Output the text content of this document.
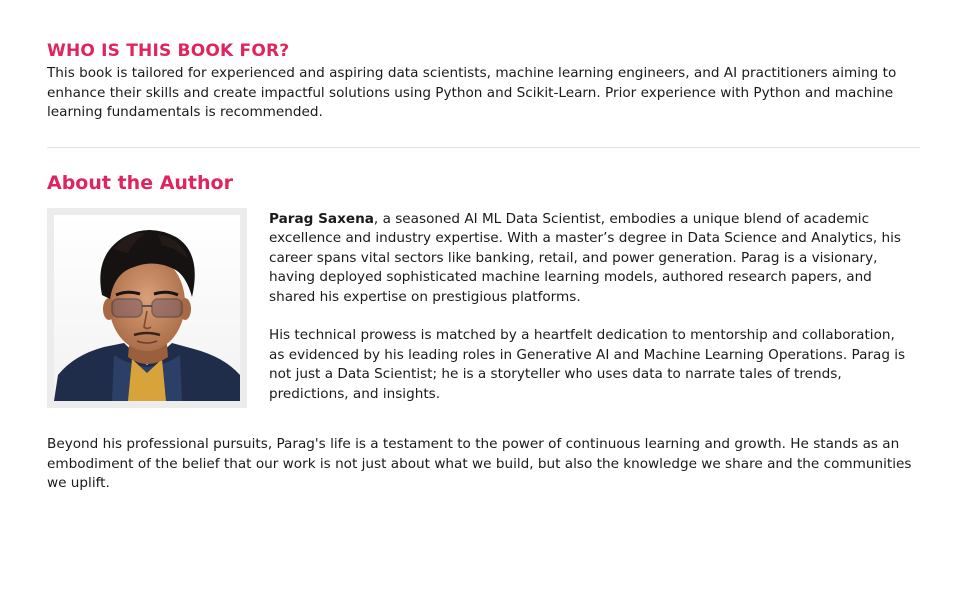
WHO IS THIS BOOK FOR?

This book is tailored for experienced and aspiring data scientists, machine learning engineers, and AI practitioners aiming to enhance their skills and create impactful solutions using Python and Scikit-Learn. Prior experience with Python and machine learning fundamentals is recommended.

About the Author

Parag Saxena, a seasoned AI ML Data Scientist, embodies a unique blend of academic excellence and industry expertise. With a master’s degree in Data Science and Analytics, his career spans vital sectors like banking, retail, and power generation. Parag is a visionary, having deployed sophisticated machine learning models, authored research papers, and shared his expertise on prestigious platforms.

His technical prowess is matched by a heartfelt dedication to mentorship and collaboration, as evidenced by his leading roles in Generative AI and Machine Learning Operations. Parag is not just a Data Scientist; he is a storyteller who uses data to narrate tales of trends, predictions, and insights.

Beyond his professional pursuits, Parag's life is a testament to the power of continuous learning and growth. He stands as an embodiment of the belief that our work is not just about what we build, but also the knowledge we share and the communities we uplift.
